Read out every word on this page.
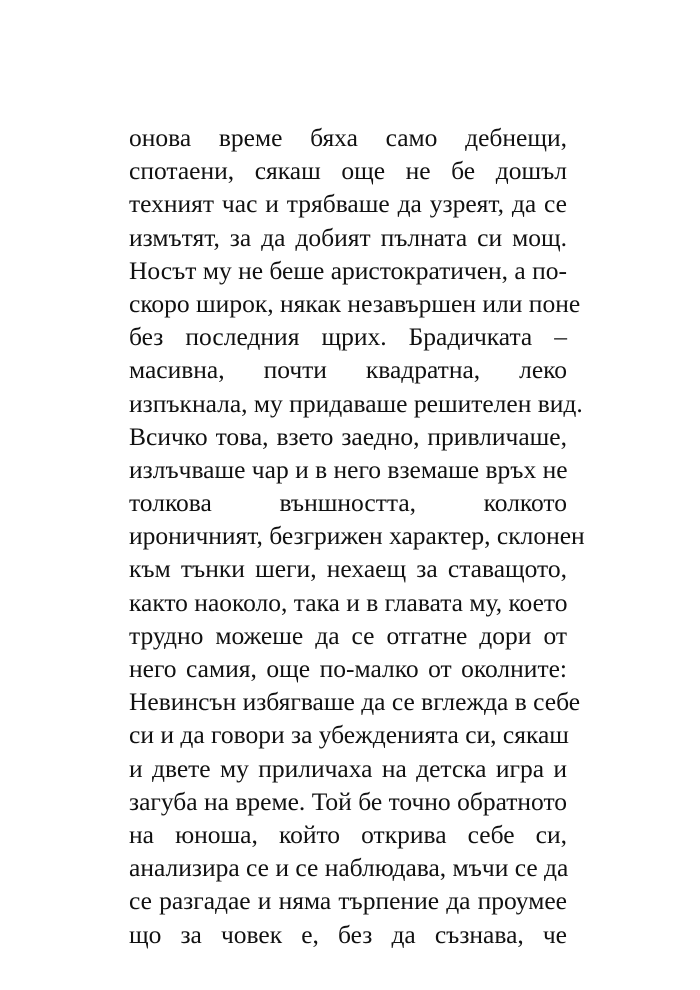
онова време бяха само дебнещи,
спотаени, сякаш още не бе дошъл
техният час и трябваше да узреят, да се
измътят, за да добият пълната си мощ.
Носът му не беше аристократичен, а по-
скоро широк, някак незавършен или поне
без последния щрих. Брадичката –
масивна, почти квадратна, леко
изпъкнала, му придаваше решителен вид.
Всичко това, взето заедно, привличаше,
излъчваше чар и в него вземаше връх не
толкова външността, колкото
ироничният, безгрижен характер, склонен
към тънки шеги, нехаещ за ставащото,
както наоколо, така и в главата му, което
трудно можеше да се отгатне дори от
него самия, още по-малко от околните:
Невинсън избягваше да се вглежда в себе
си и да говори за убежденията си, сякаш
и двете му приличаха на детска игра и
загуба на време. Той бе точно обратното
на юноша, който открива себе си,
анализира се и се наблюдава, мъчи се да
се разгадае и няма търпение да проумее
що за човек е, без да съзнава, че
